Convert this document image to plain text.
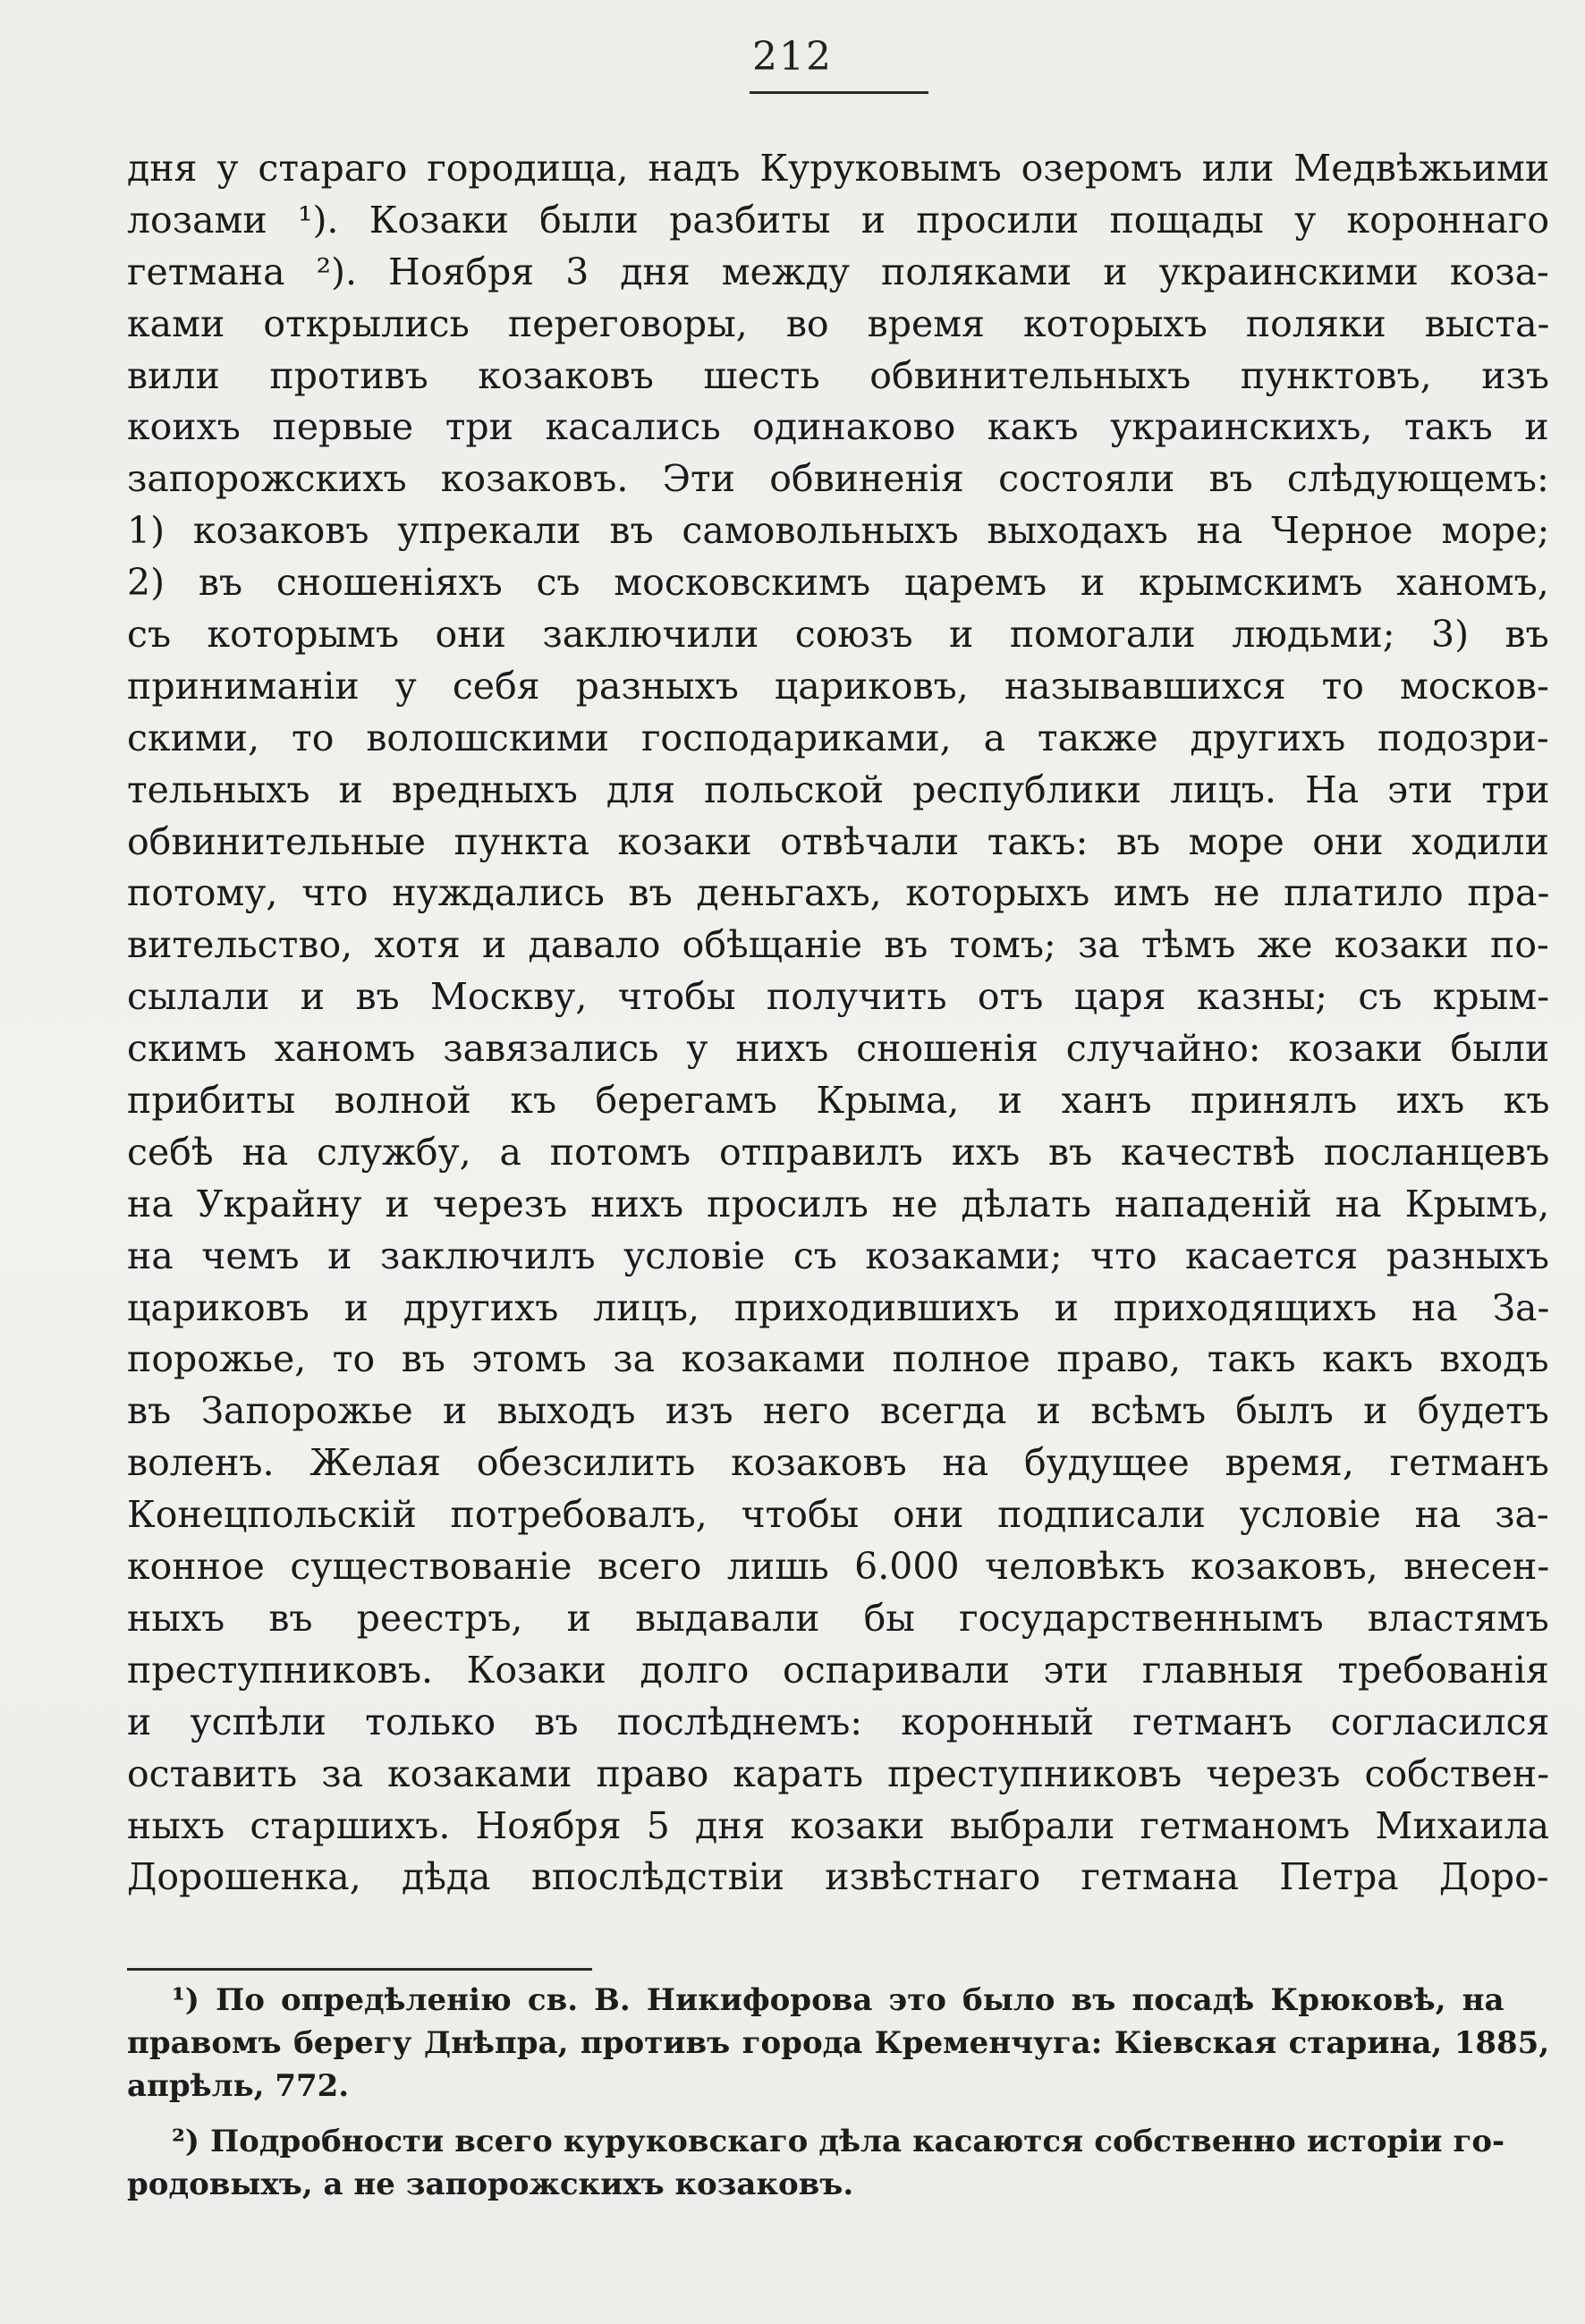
212
дня у стараго городища, надъ Куруковымъ озеромъ или Медвѣжьими
лозами ¹). Козаки были разбиты и просили пощады у короннаго
гетмана ²). Ноября 3 дня между поляками и украинскими коза-
ками открылись переговоры, во время которыхъ поляки выста-
вили противъ козаковъ шесть обвинительныхъ пунктовъ, изъ
коихъ первые три касались одинаково какъ украинскихъ, такъ и
запорожскихъ козаковъ. Эти обвиненія состояли въ слѣдующемъ:
1) козаковъ упрекали въ самовольныхъ выходахъ на Черное море;
2) въ сношеніяхъ съ московскимъ царемъ и крымскимъ ханомъ,
съ которымъ они заключили союзъ и помогали людьми; 3) въ
приниманіи у себя разныхъ цариковъ, называвшихся то москов-
скими, то волошскими господариками, а также другихъ подозри-
тельныхъ и вредныхъ для польской республики лицъ. На эти три
обвинительные пункта козаки отвѣчали такъ: въ море они ходили
потому, что нуждались въ деньгахъ, которыхъ имъ не платило пра-
вительство, хотя и давало обѣщаніе въ томъ; за тѣмъ же козаки по-
сылали и въ Москву, чтобы получить отъ царя казны; съ крым-
скимъ ханомъ завязались у нихъ сношенія случайно: козаки были
прибиты волной къ берегамъ Крыма, и ханъ принялъ ихъ къ
себѣ на службу, а потомъ отправилъ ихъ въ качествѣ посланцевъ
на Украйну и черезъ нихъ просилъ не дѣлать нападеній на Крымъ,
на чемъ и заключилъ условіе съ козаками; что касается разныхъ
цариковъ и другихъ лицъ, приходившихъ и приходящихъ на За-
порожье, то въ этомъ за козаками полное право, такъ какъ входъ
въ Запорожье и выходъ изъ него всегда и всѣмъ былъ и будетъ
воленъ. Желая обезсилить козаковъ на будущее время, гетманъ
Конецпольскій потребовалъ, чтобы они подписали условіе на за-
конное существованіе всего лишь 6.000 человѣкъ козаковъ, внесен-
ныхъ въ реестръ, и выдавали бы государственнымъ властямъ
преступниковъ. Козаки долго оспаривали эти главныя требованія
и успѣли только въ послѣднемъ: коронный гетманъ согласился
оставить за козаками право карать преступниковъ черезъ собствен-
ныхъ старшихъ. Ноября 5 дня козаки выбрали гетманомъ Михаила
Дорошенка, дѣда впослѣдствіи извѣстнаго гетмана Петра Доро-
¹) По опредѣленію св. В. Никифорова это было въ посадѣ Крюковѣ, на
правомъ берегу Днѣпра, противъ города Кременчуга: Кіевская старина, 1885,
апрѣль, 772.
²) Подробности всего куруковскаго дѣла касаются собственно исторіи го-
родовыхъ, а не запорожскихъ козаковъ.
